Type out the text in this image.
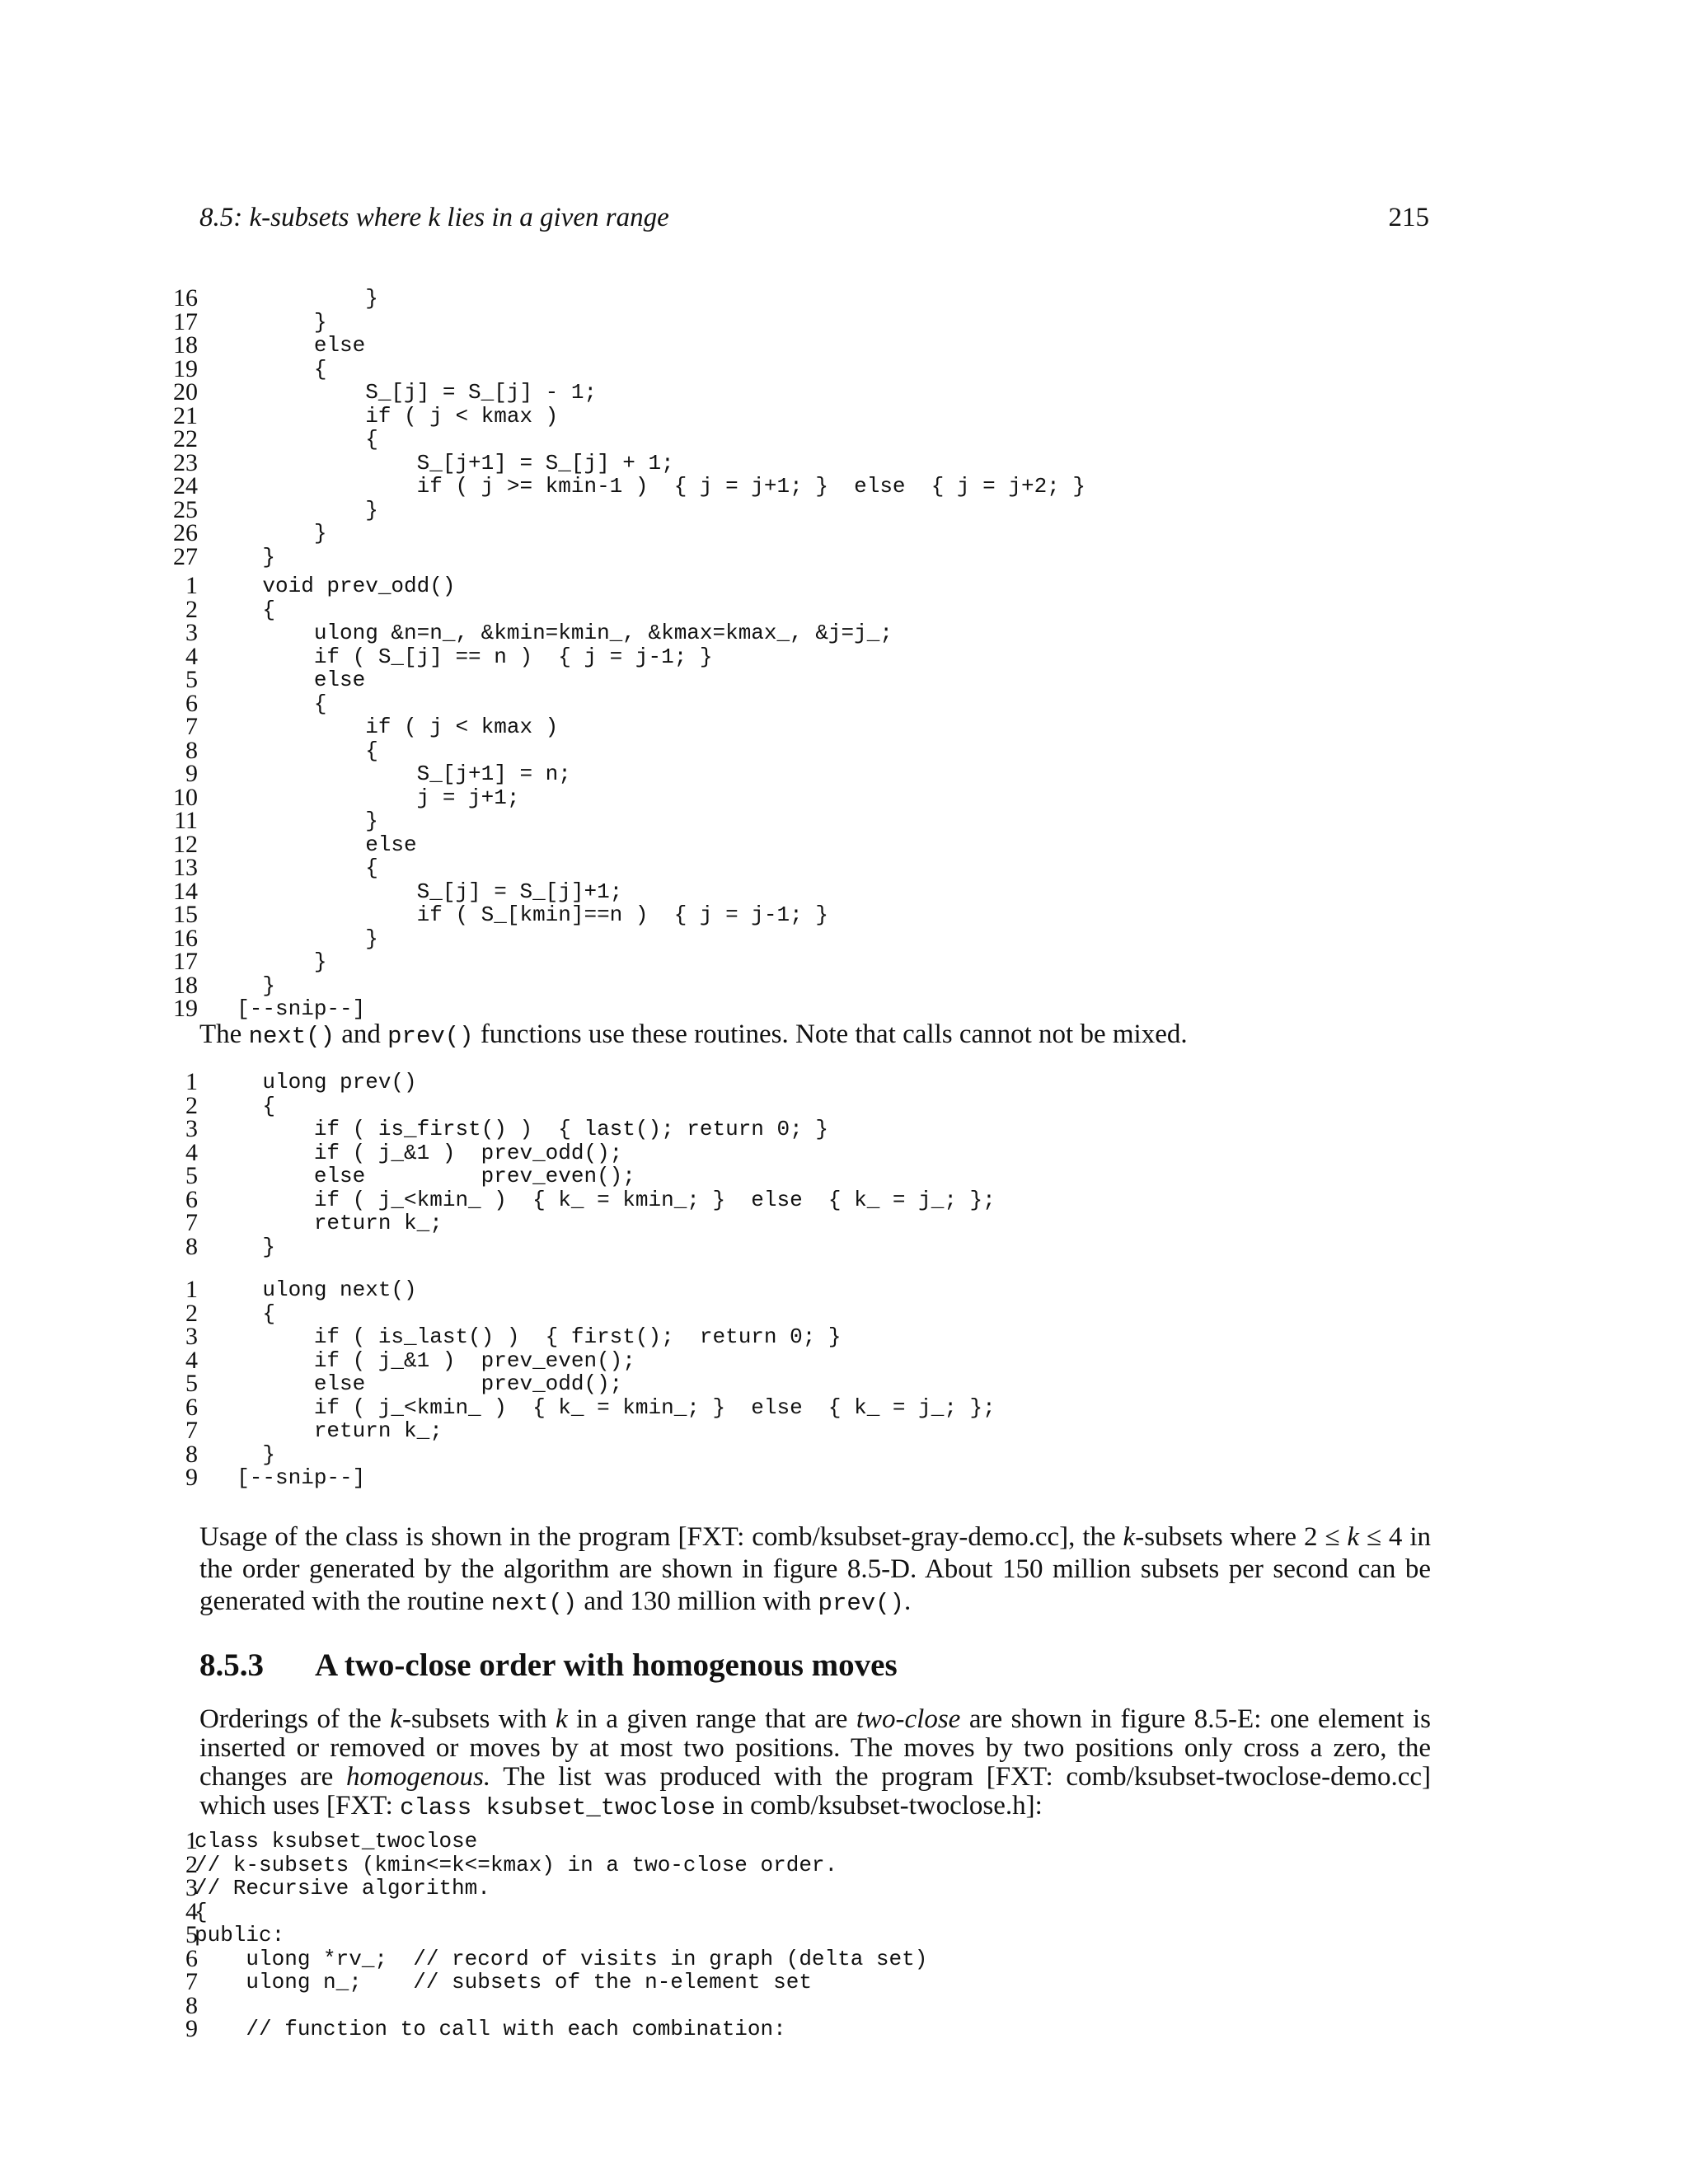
8.5: k-subsets where k lies in a given range	215
16 }
17 }
18 else
19 {
20 S_[j] = S_[j] - 1;
21 if ( j < kmax )
22 {
23 S_[j+1] = S_[j] + 1;
24 if ( j >= kmin-1 )  { j = j+1; }  else  { j = j+2; }
25 }
26 }
27 }
1 void prev_odd()
2 {
3 ulong &n=n_, &kmin=kmin_, &kmax=kmax_, &j=j_;
4 if ( S_[j] == n )  { j = j-1; }
5 else
6 {
7 if ( j < kmax )
8 {
9 S_[j+1] = n;
10 j = j+1;
11 }
12 else
13 {
14 S_[j] = S_[j]+1;
15 if ( S_[kmin]==n )  { j = j-1; }
16 }
17 }
18 }
19 [--snip--]
The next() and prev() functions use these routines. Note that calls cannot not be mixed.
1 ulong prev()
2 {
3 if ( is_first() )  { last(); return 0; }
4 if ( j_&1 )  prev_odd();
5 else         prev_even();
6 if ( j_<kmin_ )  { k_ = kmin_; }  else  { k_ = j_; };
7 return k_;
8 }
1 ulong next()
2 {
3 if ( is_last() )  { first();  return 0; }
4 if ( j_&1 )  prev_even();
5 else         prev_odd();
6 if ( j_<kmin_ )  { k_ = kmin_; }  else  { k_ = j_; };
7 return k_;
8 }
9 [--snip--]
Usage of the class is shown in the program [FXT: comb/ksubset-gray-demo.cc], the k-subsets where 2 ≤ k ≤ 4 in the order generated by the algorithm are shown in figure 8.5-D. About 150 million subsets per second can be generated with the routine next() and 130 million with prev().
8.5.3 A two-close order with homogenous moves
Orderings of the k-subsets with k in a given range that are two-close are shown in figure 8.5-E: one element is inserted or removed or moves by at most two positions. The moves by two positions only cross a zero, the changes are homogenous. The list was produced with the program [FXT: comb/ksubset-twoclose-demo.cc] which uses [FXT: class ksubset_twoclose in comb/ksubset-twoclose.h]:
1
class ksubset_twoclose
2
// k-subsets (kmin<=k<=kmax) in a two-close order.
3
// Recursive algorithm.
4
{
5
public:
6
ulong *rv_;  // record of visits in graph (delta set)
7
ulong n_;    // subsets of the n-element set
8
9
// function to call with each combination:
